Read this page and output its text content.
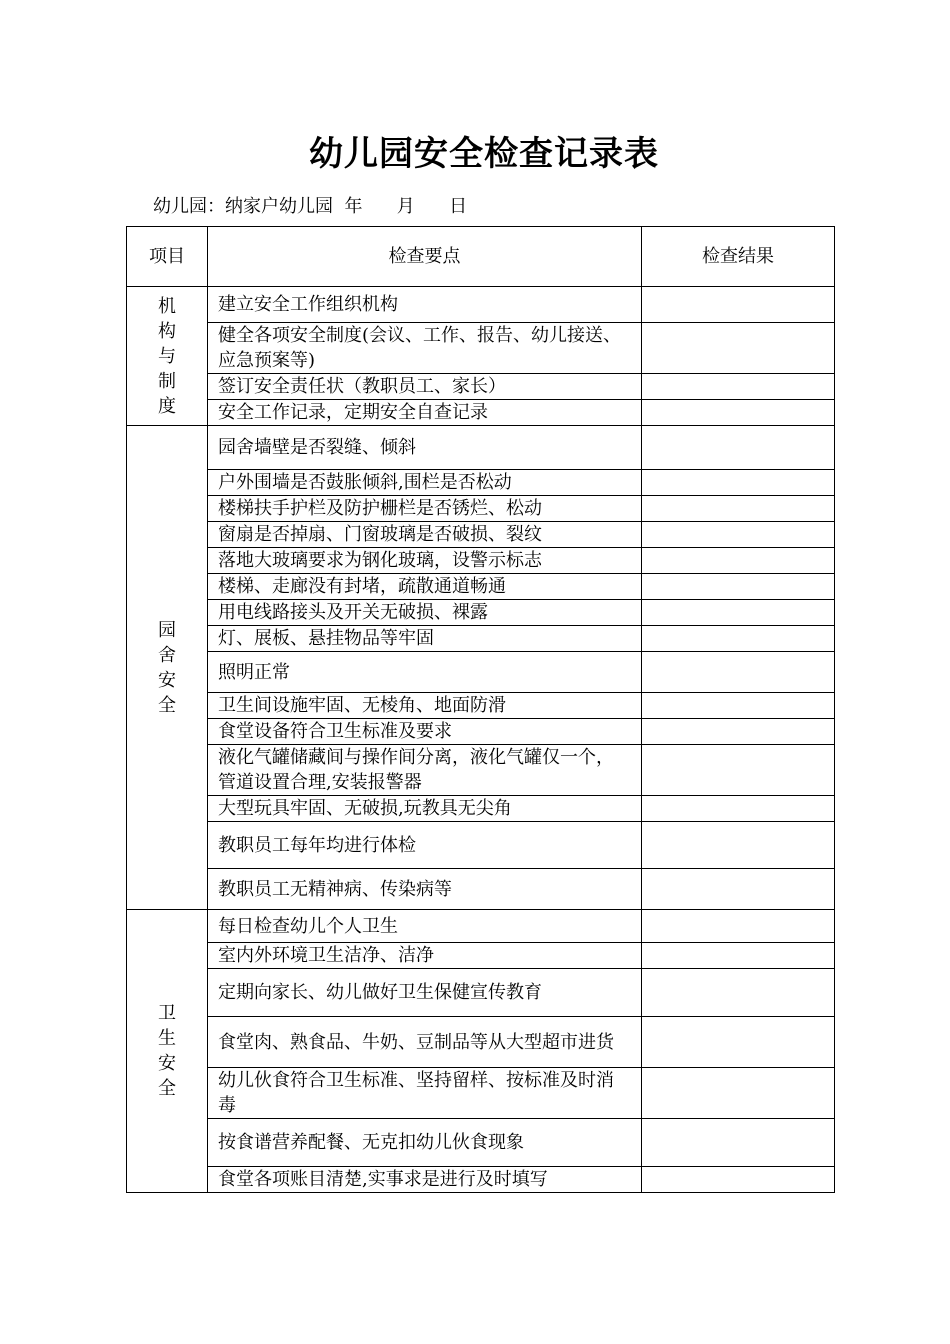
幼儿园安全检查记录表
幼儿园：纳家户幼儿园  年      月      日
项目	检查要点	检查结果
机构与制度	建立安全工作组织机构	
	健全各项安全制度(会议、工作、报告、幼儿接送、应急预案等)	
	签订安全责任状（教职员工、家长）	
	安全工作记录，定期安全自查记录	
园舍安全	园舍墙壁是否裂缝、倾斜	
	户外围墙是否鼓胀倾斜,围栏是否松动	
	楼梯扶手护栏及防护栅栏是否锈烂、松动	
	窗扇是否掉扇、门窗玻璃是否破损、裂纹	
	落地大玻璃要求为钢化玻璃，设警示标志	
	楼梯、走廊没有封堵，疏散通道畅通	
	用电线路接头及开关无破损、裸露	
	灯、展板、悬挂物品等牢固	
	照明正常	
	卫生间设施牢固、无棱角、地面防滑	
	食堂设备符合卫生标准及要求	
	液化气罐储藏间与操作间分离，液化气罐仅一个，管道设置合理,安装报警器	
	大型玩具牢固、无破损,玩教具无尖角	
	教职员工每年均进行体检	
	教职员工无精神病、传染病等	
卫生安全	每日检查幼儿个人卫生	
	室内外环境卫生洁净、洁净	
	定期向家长、幼儿做好卫生保健宣传教育	
	食堂肉、熟食品、牛奶、豆制品等从大型超市进货	
	幼儿伙食符合卫生标准、坚持留样、按标准及时消毒	
	按食谱营养配餐、无克扣幼儿伙食现象	
	食堂各项账目清楚,实事求是进行及时填写	
